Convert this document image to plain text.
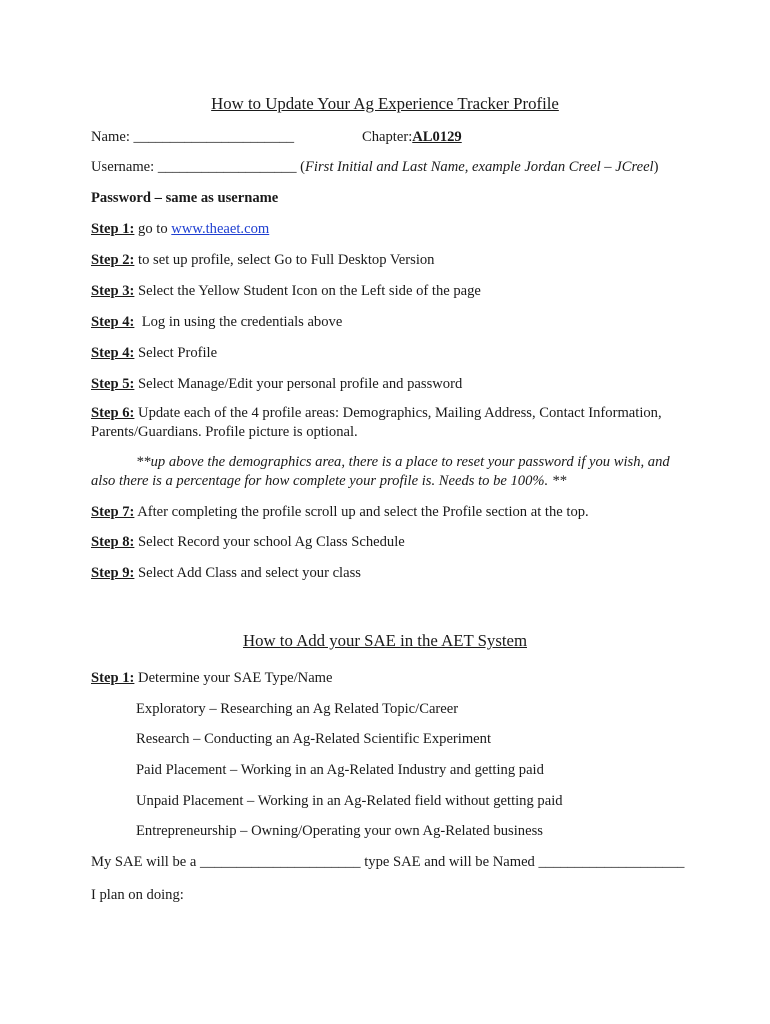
How to Update Your Ag Experience Tracker Profile
Name: ______________________	Chapter:AL0129
Username: ___________________ (First Initial and Last Name, example Jordan Creel – JCreel)
Password – same as username
Step 1: go to www.theaet.com
Step 2: to set up profile, select Go to Full Desktop Version
Step 3: Select the Yellow Student Icon on the Left side of the page
Step 4:  Log in using the credentials above
Step 4: Select Profile
Step 5: Select Manage/Edit your personal profile and password
Step 6: Update each of the 4 profile areas: Demographics, Mailing Address, Contact Information, Parents/Guardians. Profile picture is optional.
**up above the demographics area, there is a place to reset your password if you wish, and also there is a percentage for how complete your profile is. Needs to be 100%. **
Step 7: After completing the profile scroll up and select the Profile section at the top.
Step 8: Select Record your school Ag Class Schedule
Step 9: Select Add Class and select your class
How to Add your SAE in the AET System
Step 1: Determine your SAE Type/Name
Exploratory – Researching an Ag Related Topic/Career
Research – Conducting an Ag-Related Scientific Experiment
Paid Placement – Working in an Ag-Related Industry and getting paid
Unpaid Placement – Working in an Ag-Related field without getting paid
Entrepreneurship – Owning/Operating your own Ag-Related business
My SAE will be a ______________________ type SAE and will be Named ____________________
I plan on doing:
